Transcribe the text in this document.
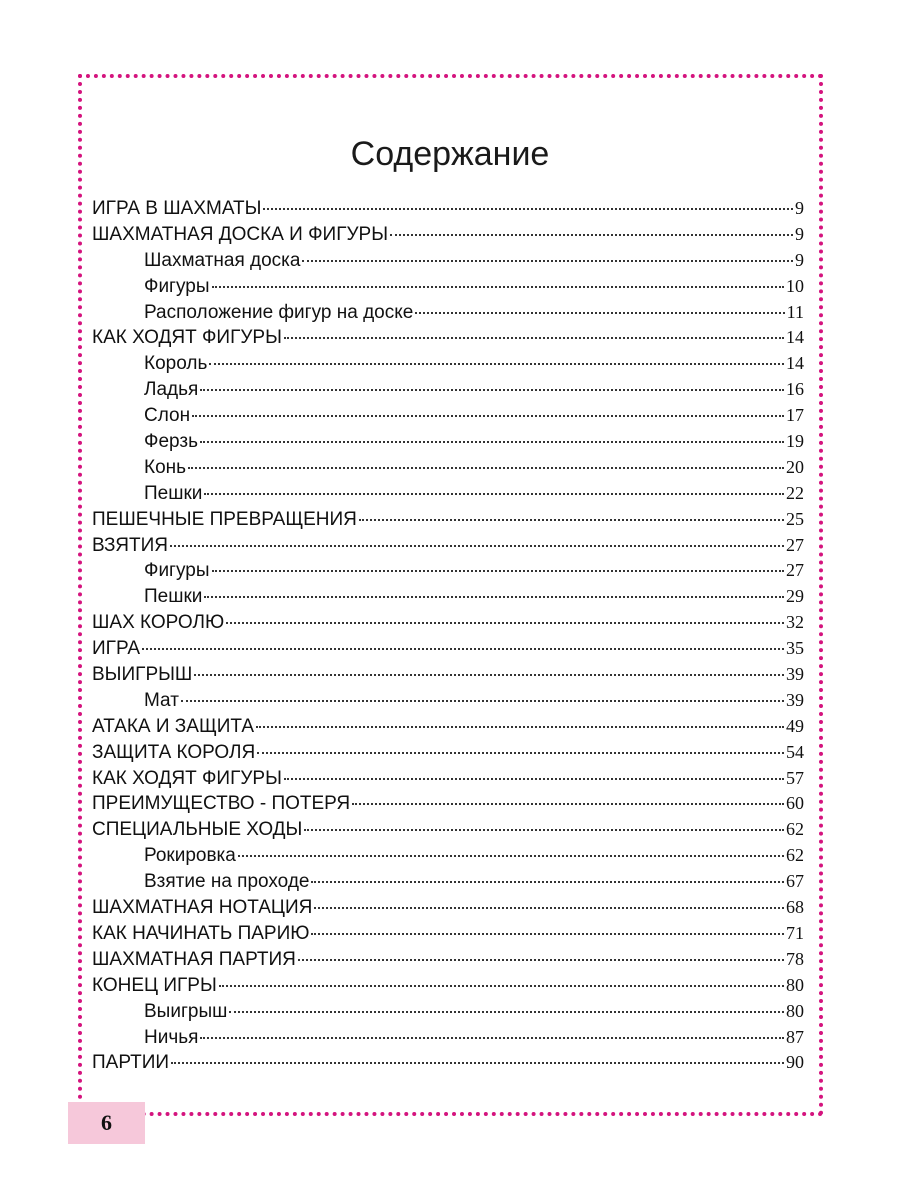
Содержание
ИГРА В ШАХМАТЫ	9
ШАХМАТНАЯ ДОСКА И ФИГУРЫ	9
Шахматная доска	9
Фигуры	10
Расположение фигур на доске	11
КАК ХОДЯТ ФИГУРЫ	14
Король	14
Ладья	16
Слон	17
Ферзь	19
Конь	20
Пешки	22
ПЕШЕЧНЫЕ ПРЕВРАЩЕНИЯ	25
ВЗЯТИЯ	27
Фигуры	27
Пешки	29
ШАХ КОРОЛЮ	32
ИГРА	35
ВЫИГРЫШ	39
Мат	39
АТАКА И ЗАЩИТА	49
ЗАЩИТА КОРОЛЯ	54
КАК ХОДЯТ ФИГУРЫ	57
ПРЕИМУЩЕСТВО - ПОТЕРЯ	60
СПЕЦИАЛЬНЫЕ ХОДЫ	62
Рокировка	62
Взятие на проходе	67
ШАХМАТНАЯ НОТАЦИЯ	68
КАК НАЧИНАТЬ ПАРИЮ	71
ШАХМАТНАЯ ПАРТИЯ	78
КОНЕЦ ИГРЫ	80
Выигрыш	80
Ничья	87
ПАРТИИ	90
6
